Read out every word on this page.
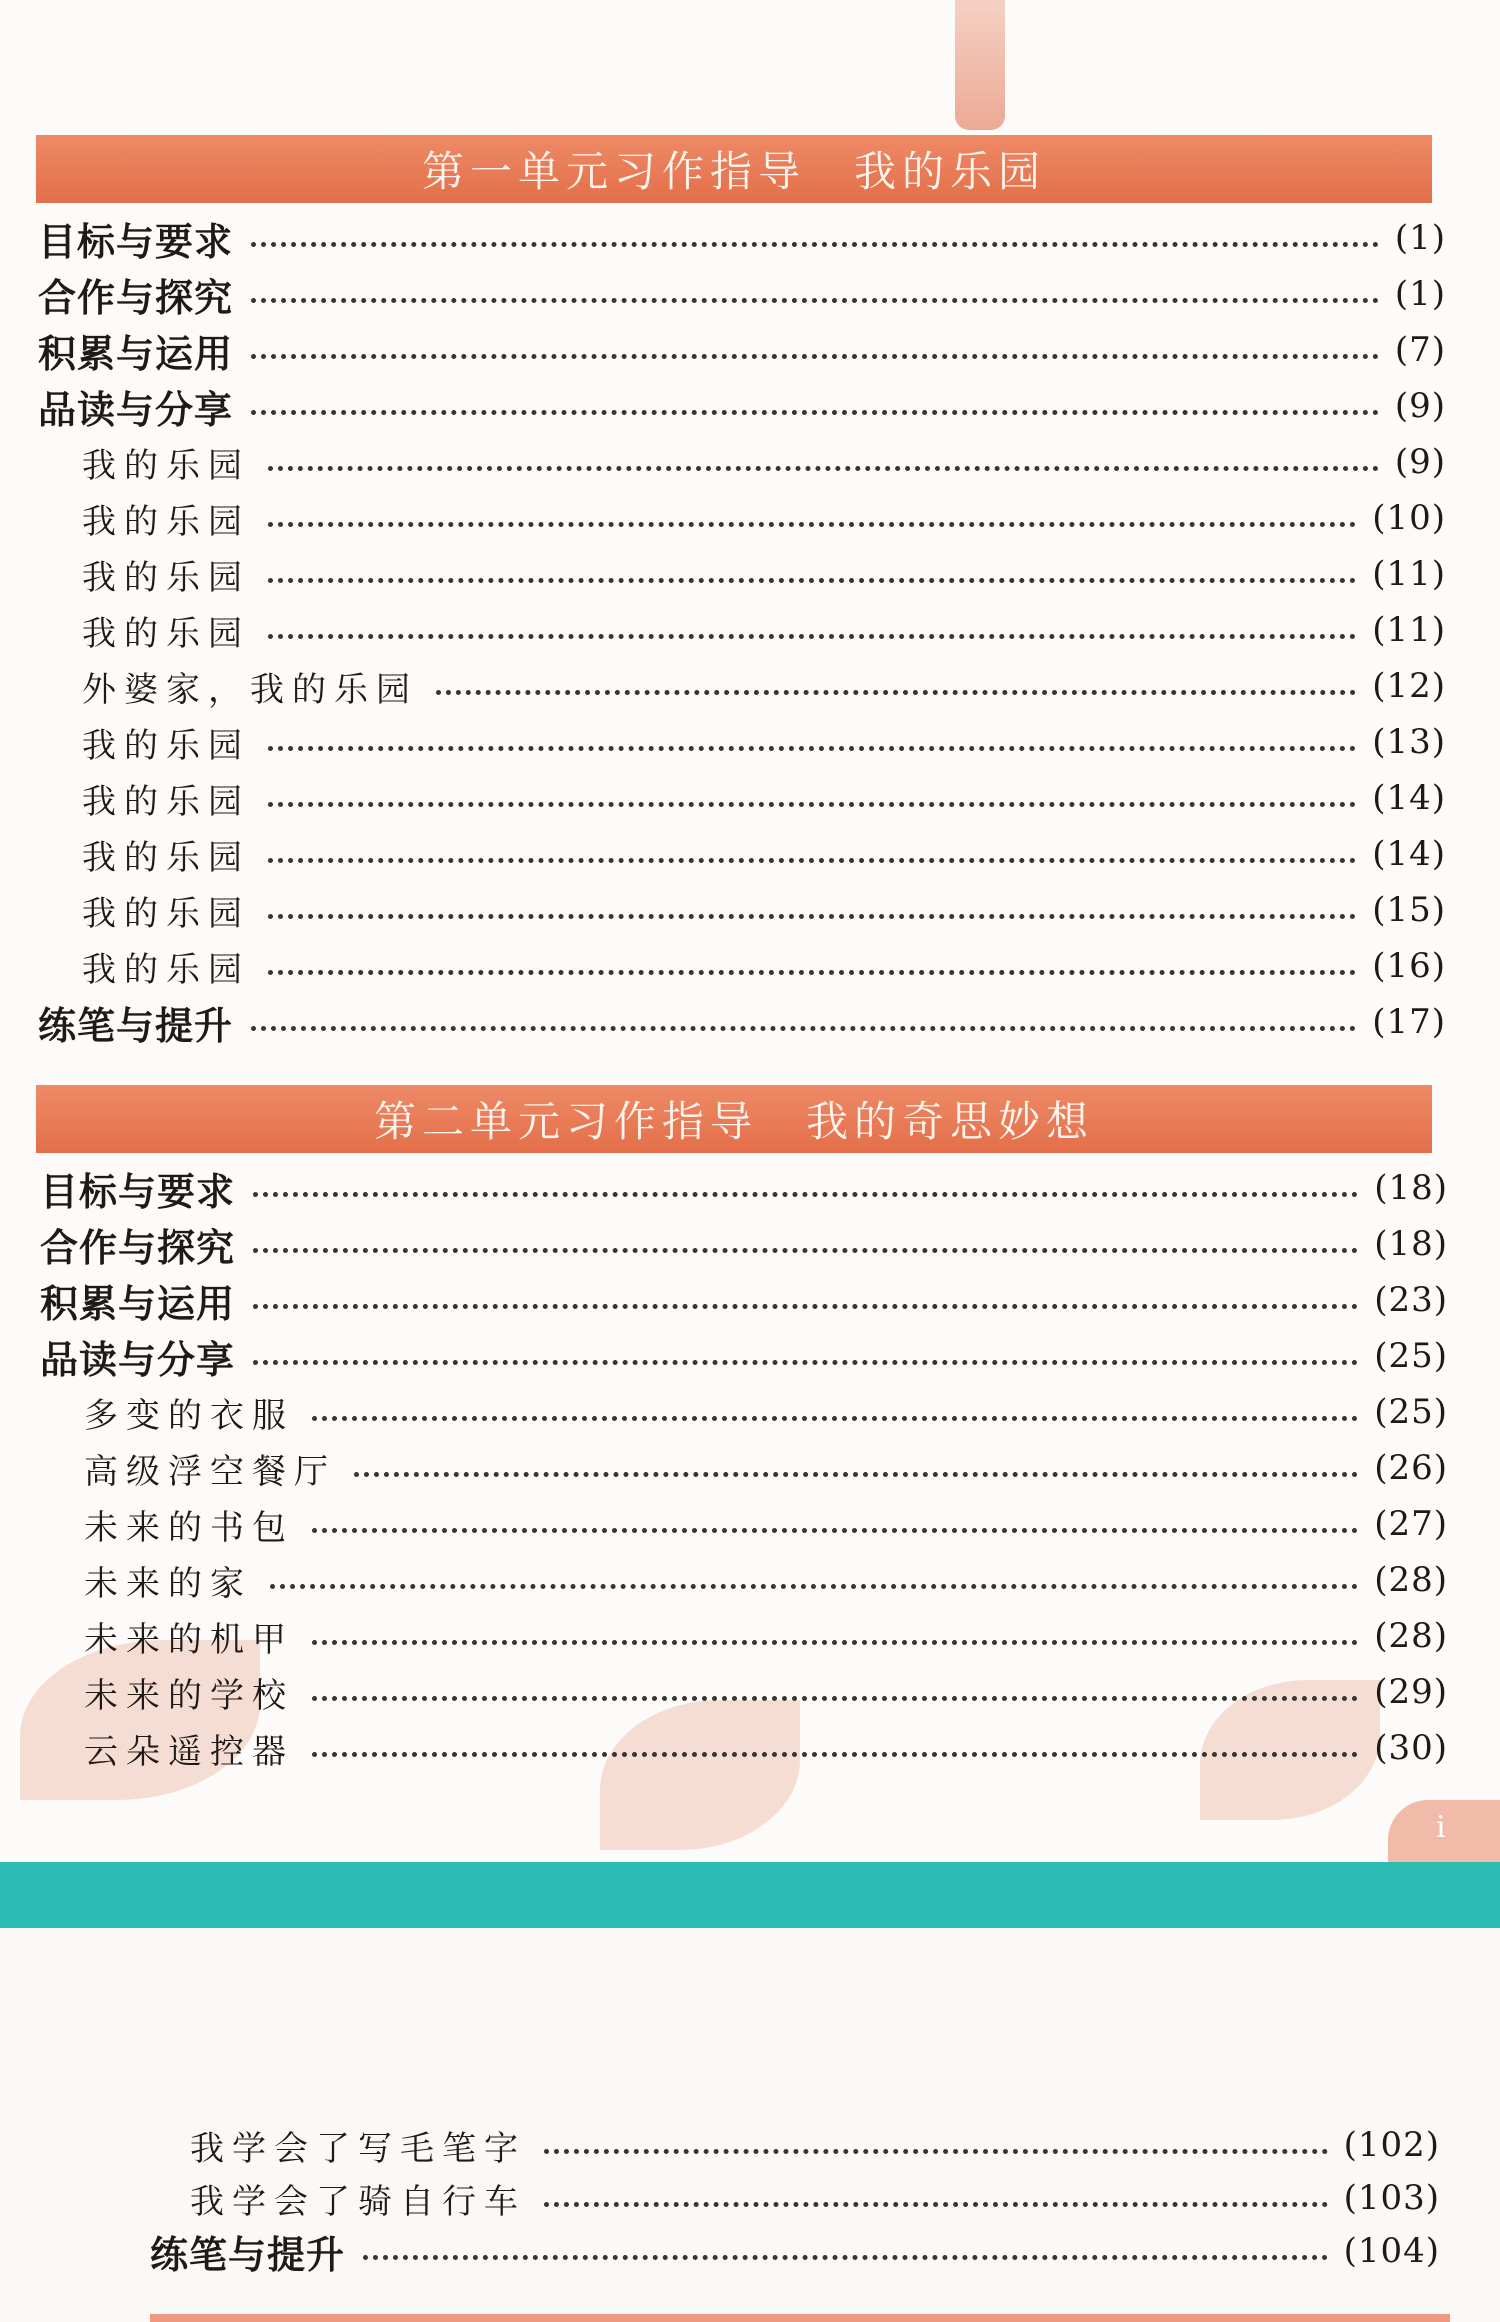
第一单元习作指导　我的乐园
目标与要求	(1)
合作与探究	(1)
积累与运用	(7)
品读与分享	(9)
我的乐园	(9)
我的乐园	(10)
我的乐园	(11)
我的乐园	(11)
外婆家，我的乐园	(12)
我的乐园	(13)
我的乐园	(14)
我的乐园	(14)
我的乐园	(15)
我的乐园	(16)
练笔与提升	(17)
第二单元习作指导　我的奇思妙想
目标与要求	(18)
合作与探究	(18)
积累与运用	(23)
品读与分享	(25)
多变的衣服	(25)
高级浮空餐厅	(26)
未来的书包	(27)
未来的家	(28)
未来的机甲	(28)
未来的学校	(29)
云朵遥控器	(30)
i
我学会了写毛笔字	(102)
我学会了骑自行车	(103)
练笔与提升	(104)
